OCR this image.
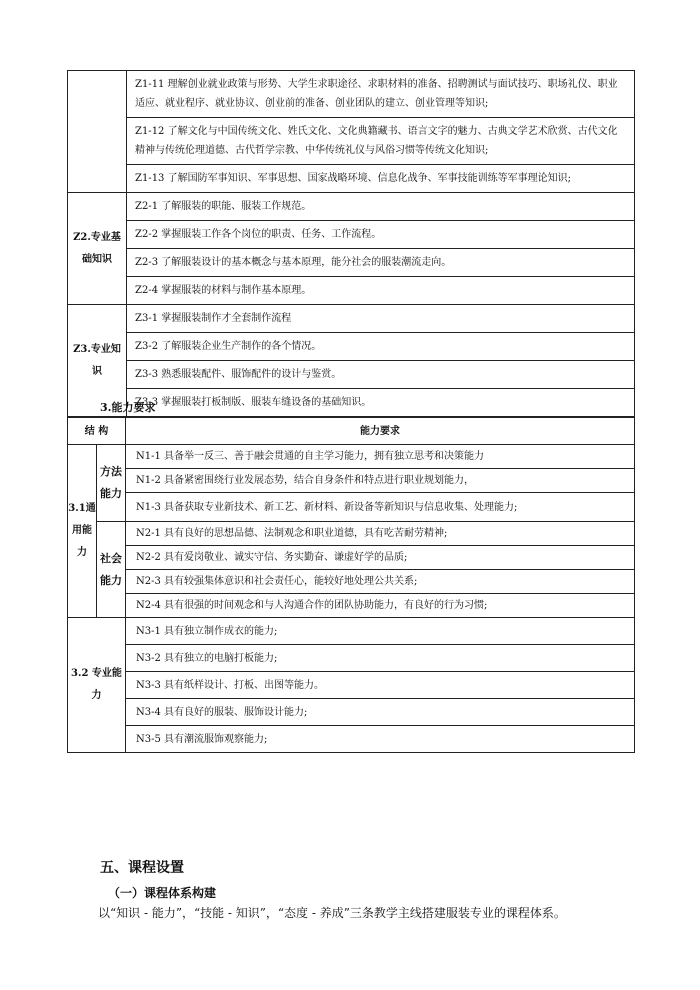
	Z1-11 理解创业就业政策与形势、大学生求职途径、求职材料的准备、招聘测试与面试技巧、职场礼仪、职业适应、就业程序、就业协议、创业前的准备、创业团队的建立、创业管理等知识;
	Z1-12 了解文化与中国传统文化、姓氏文化、文化典籍藏书、语言文字的魅力、古典文学艺术欣赏、古代文化精神与传统伦理道德、古代哲学宗教、中华传统礼仪与风俗习惯等传统文化知识;
	Z1-13 了解国防军事知识、军事思想、国家战略环境、信息化战争、军事技能训练等军事理论知识;
Z2.专业基础知识	Z2-1 了解服装的职能、服装工作规范。
	Z2-2 掌握服装工作各个岗位的职责、任务、工作流程。
	Z2-3 了解服装设计的基本概念与基本原理，能分社会的服装潮流走向。
	Z2-4 掌握服装的材料与制作基本原理。
Z3.专业知识	Z3-1 掌握服装制作才全套制作流程
	Z3-2 了解服装企业生产制作的各个情况。
	Z3-3 熟悉服装配件、服饰配件的设计与鉴赏。
	Z3-3 掌握服装打板制版、服装车缝设备的基础知识。

3.能力要求

结 构		能力要求
3.1通用能力	方法能力	N1-1 具备举一反三、善于融会贯通的自主学习能力，拥有独立思考和决策能力
		N1-2 具备紧密围绕行业发展态势，结合自身条件和特点进行职业规划能力，
		N1-3 具备获取专业新技术、新工艺、新材料、新设备等新知识与信息收集、处理能力;
	社会能力	N2-1 具有良好的思想品德、法制观念和职业道德，具有吃苦耐劳精神;
		N2-2 具有爱岗敬业、诚实守信、务实勤奋、谦虚好学的品质;
		N2-3 具有较强集体意识和社会责任心，能较好地处理公共关系;
		N2-4 具有很强的时间观念和与人沟通合作的团队协助能力，有良好的行为习惯;
3.2 专业能力		N3-1 具有独立制作成衣的能力;
		N3-2 具有独立的电脑打板能力;
		N3-3 具有纸样设计、打板、出图等能力。
		N3-4 具有良好的服装、服饰设计能力;
		N3-5 具有潮流服饰观察能力;

五、课程设置

（一）课程体系构建

以“知识 - 能力”，“技能 - 知识”，“态度 - 养成”三条教学主线搭建服装专业的课程体系。
